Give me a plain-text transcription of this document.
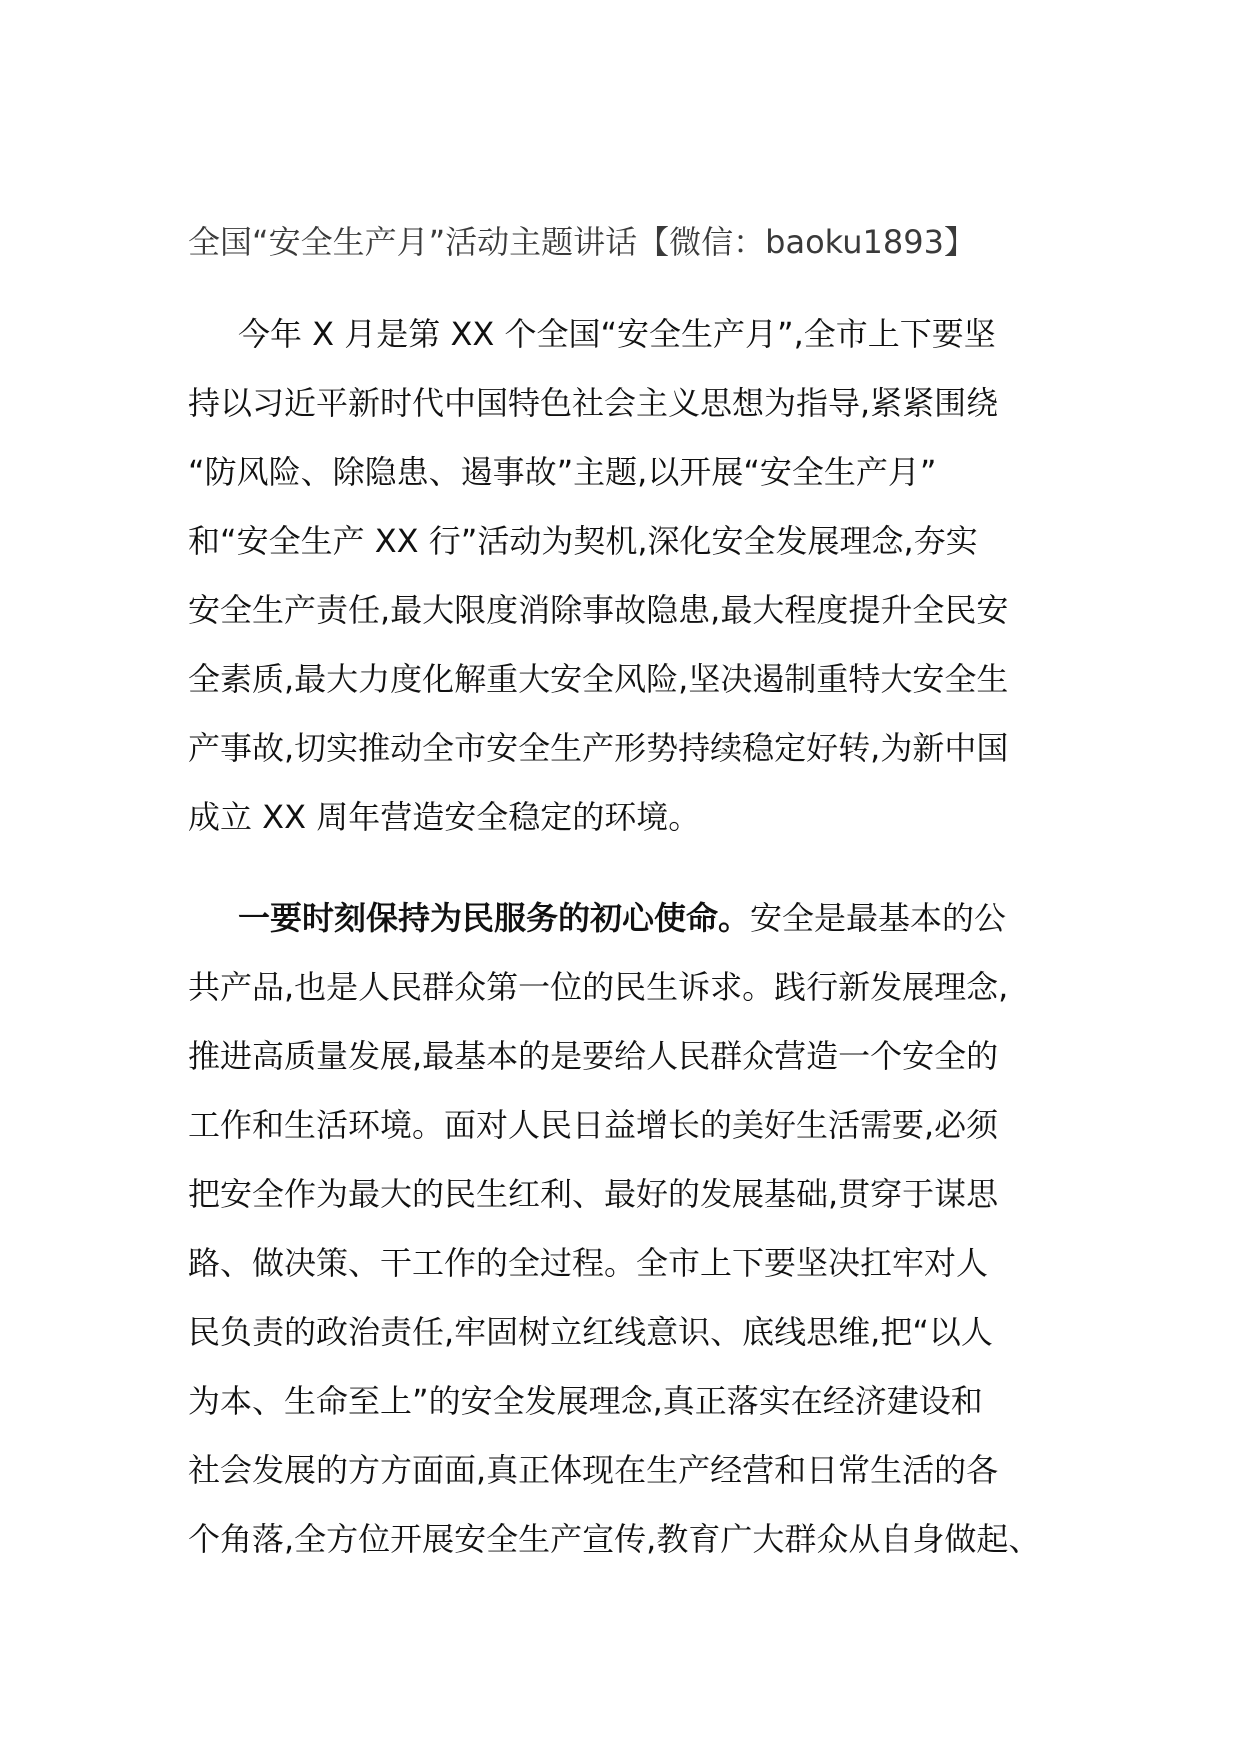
全国“安全生产月”活动主题讲话【微信：baoku1893】
今年 X 月是第 XX 个全国“安全生产月”,全市上下要坚
持以习近平新时代中国特色社会主义思想为指导,紧紧围绕
“防风险、除隐患、遏事故”主题,以开展“安全生产月”
和“安全生产 XX 行”活动为契机,深化安全发展理念,夯实
安全生产责任,最大限度消除事故隐患,最大程度提升全民安
全素质,最大力度化解重大安全风险,坚决遏制重特大安全生
产事故,切实推动全市安全生产形势持续稳定好转,为新中国
成立 XX 周年营造安全稳定的环境。
一要时刻保持为民服务的初心使命。安全是最基本的公
共产品,也是人民群众第一位的民生诉求。践行新发展理念,
推进高质量发展,最基本的是要给人民群众营造一个安全的
工作和生活环境。面对人民日益增长的美好生活需要,必须
把安全作为最大的民生红利、最好的发展基础,贯穿于谋思
路、做决策、干工作的全过程。全市上下要坚决扛牢对人
民负责的政治责任,牢固树立红线意识、底线思维,把“以人
为本、生命至上”的安全发展理念,真正落实在经济建设和
社会发展的方方面面,真正体现在生产经营和日常生活的各
个角落,全方位开展安全生产宣传,教育广大群众从自身做起、
